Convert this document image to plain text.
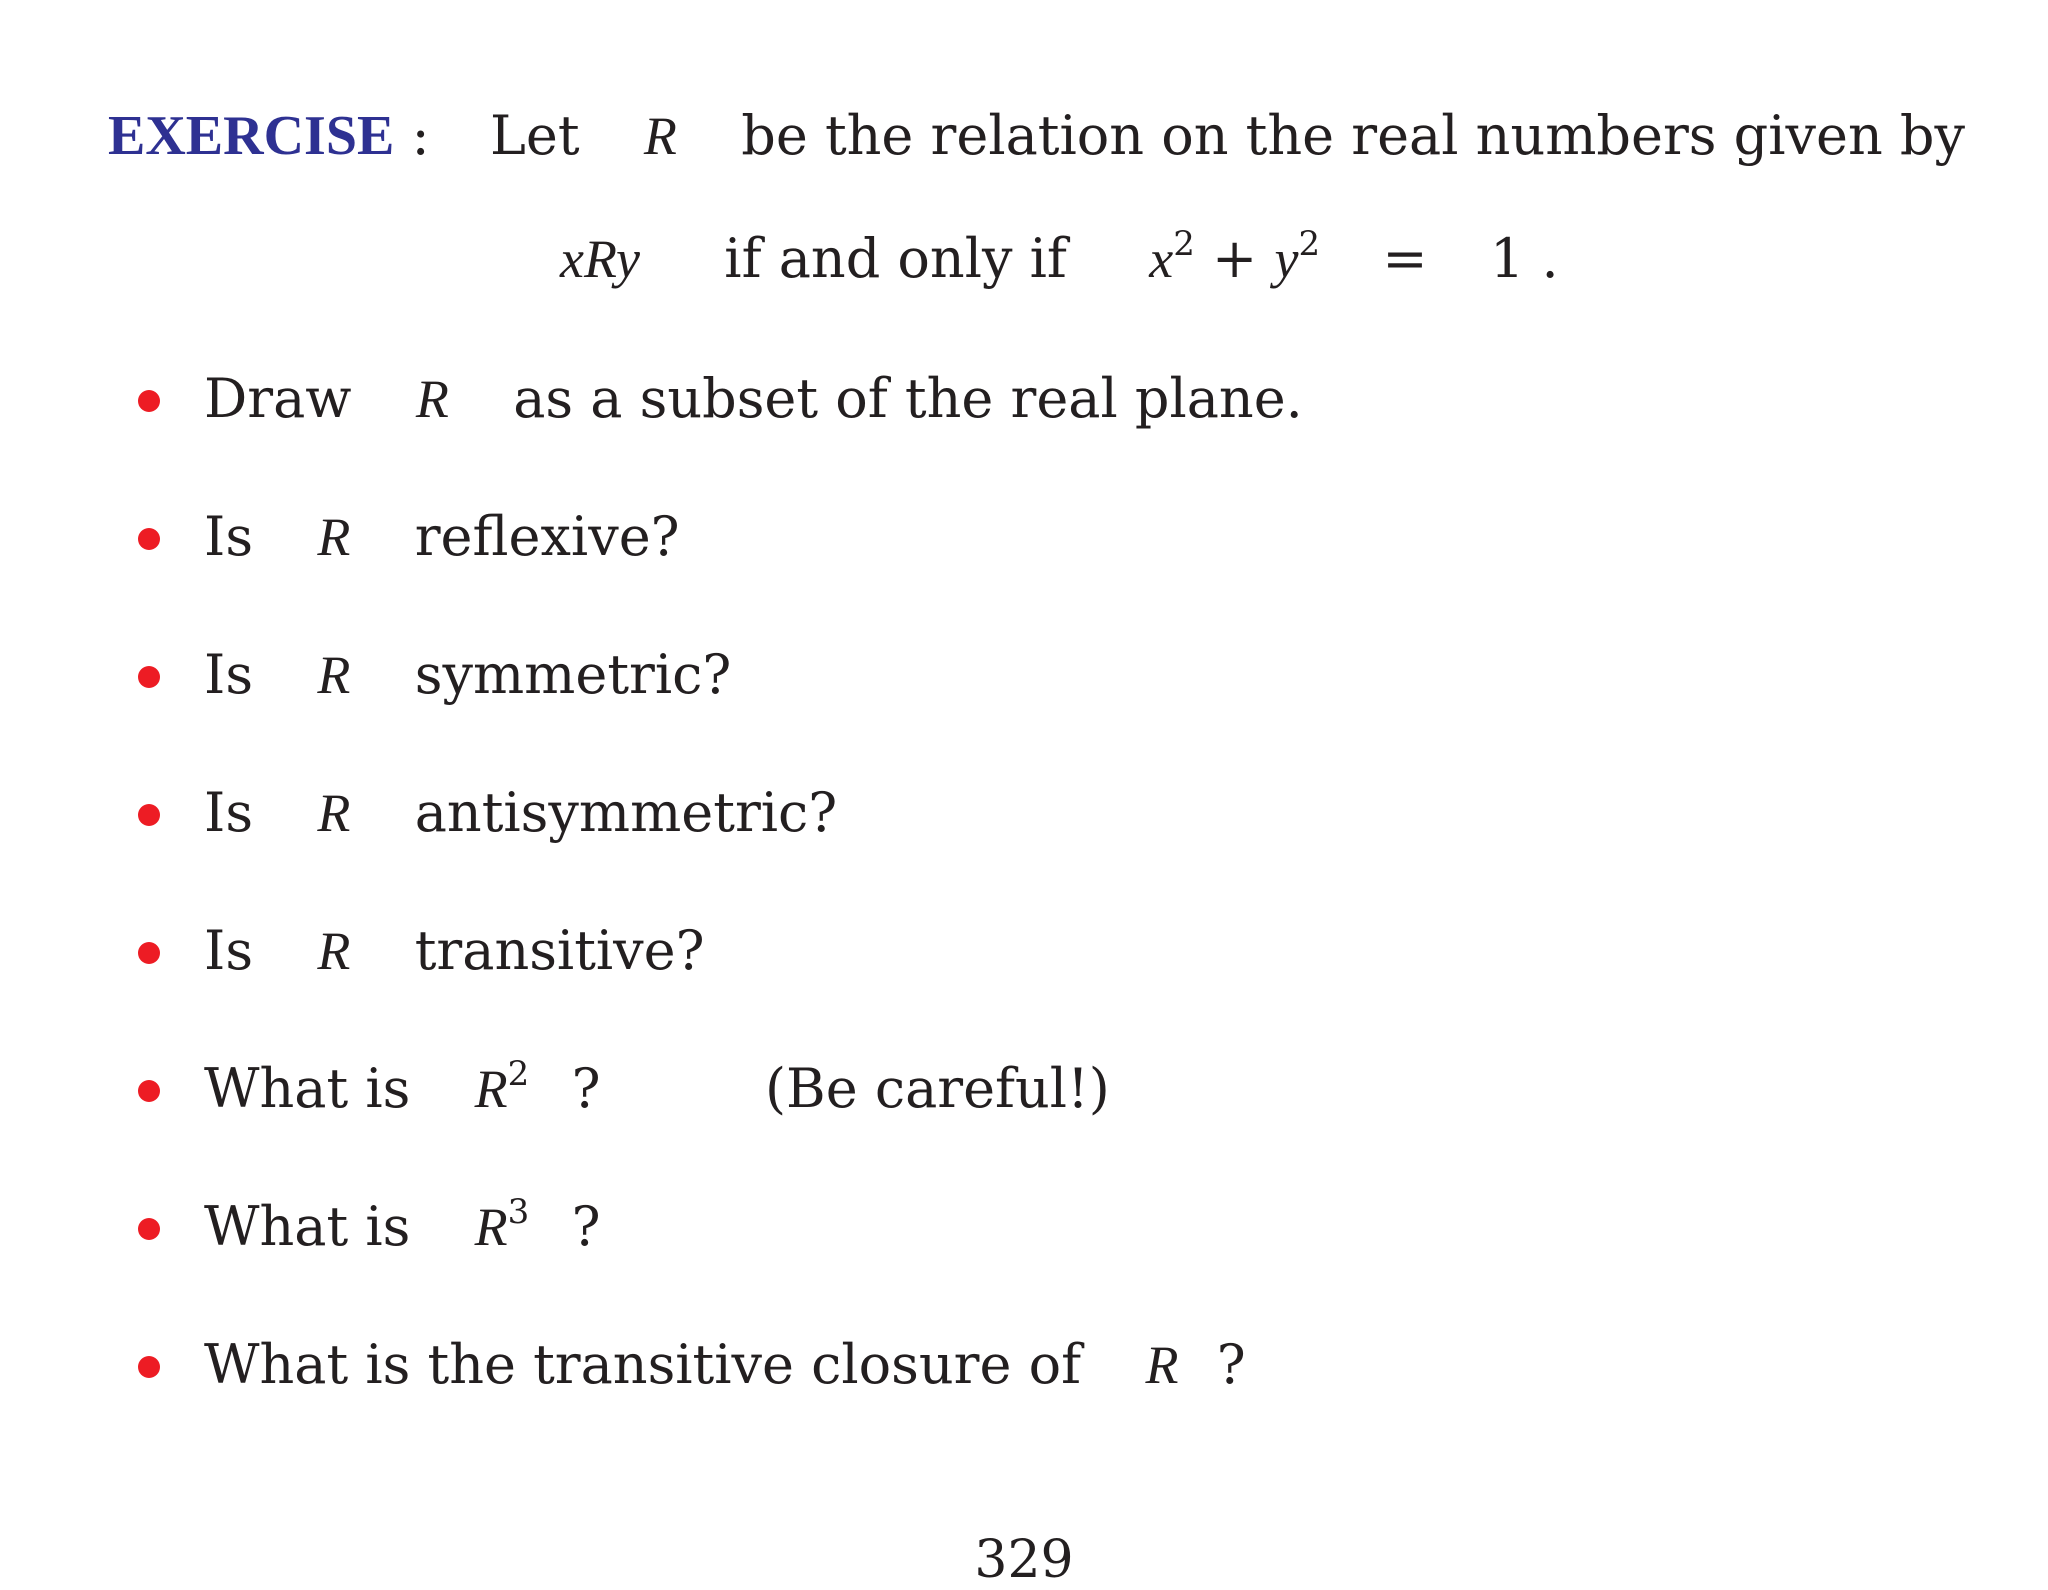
EXERCISE : Let R be the relation on the real numbers given by
xRy if and only if $x^2 + y^2 = 1$ .
Draw R as a subset of the real plane.
Is R reflexive?
Is R symmetric?
Is R antisymmetric?
Is R transitive?
What is $R^2$ ?	(Be careful!)
What is $R^3$ ?
What is the transitive closure of R ?
329
